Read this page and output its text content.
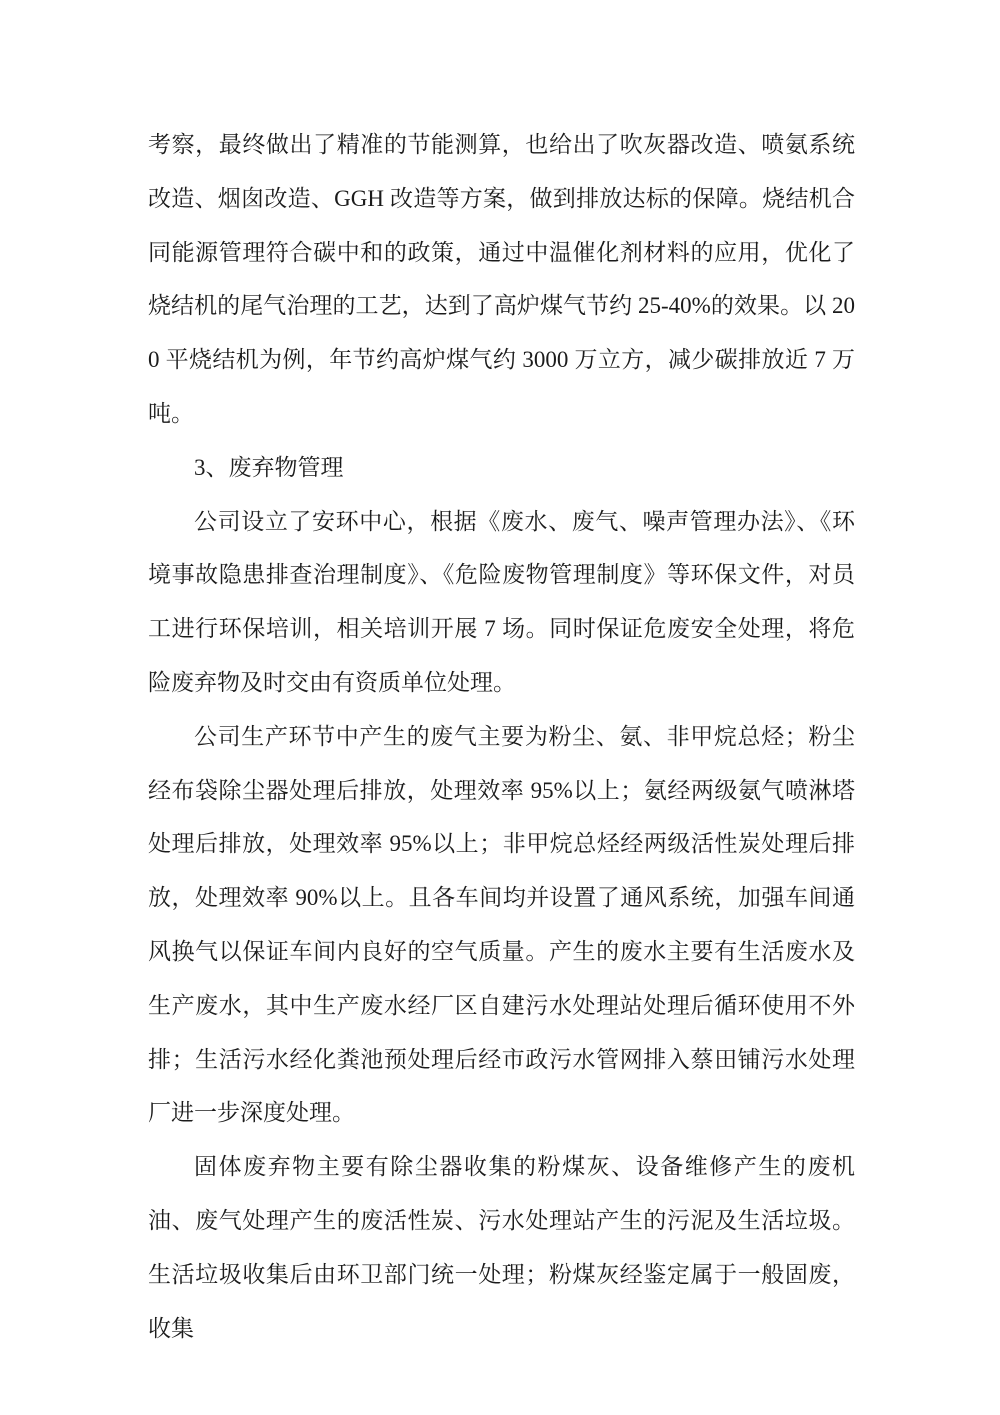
考察，最终做出了精准的节能测算，也给出了吹灰器改造、喷氨系统改造、烟囱改造、GGH 改造等方案，做到排放达标的保障。烧结机合同能源管理符合碳中和的政策，通过中温催化剂材料的应用，优化了烧结机的尾气治理的工艺，达到了高炉煤气节约 25-40%的效果。以 200 平烧结机为例，年节约高炉煤气约 3000 万立方，减少碳排放近 7 万吨。

3、废弃物管理

公司设立了安环中心，根据《废水、废气、噪声管理办法》、《环境事故隐患排查治理制度》、《危险废物管理制度》等环保文件，对员工进行环保培训，相关培训开展 7 场。同时保证危废安全处理，将危险废弃物及时交由有资质单位处理。

公司生产环节中产生的废气主要为粉尘、氨、非甲烷总烃；粉尘经布袋除尘器处理后排放，处理效率 95%以上；氨经两级氨气喷淋塔处理后排放，处理效率 95%以上；非甲烷总烃经两级活性炭处理后排放，处理效率 90%以上。且各车间均并设置了通风系统，加强车间通风换气以保证车间内良好的空气质量。产生的废水主要有生活废水及生产废水，其中生产废水经厂区自建污水处理站处理后循环使用不外排；生活污水经化粪池预处理后经市政污水管网排入蔡田铺污水处理厂进一步深度处理。

固体废弃物主要有除尘器收集的粉煤灰、设备维修产生的废机油、废气处理产生的废活性炭、污水处理站产生的污泥及生活垃圾。生活垃圾收集后由环卫部门统一处理；粉煤灰经鉴定属于一般固废，收集
